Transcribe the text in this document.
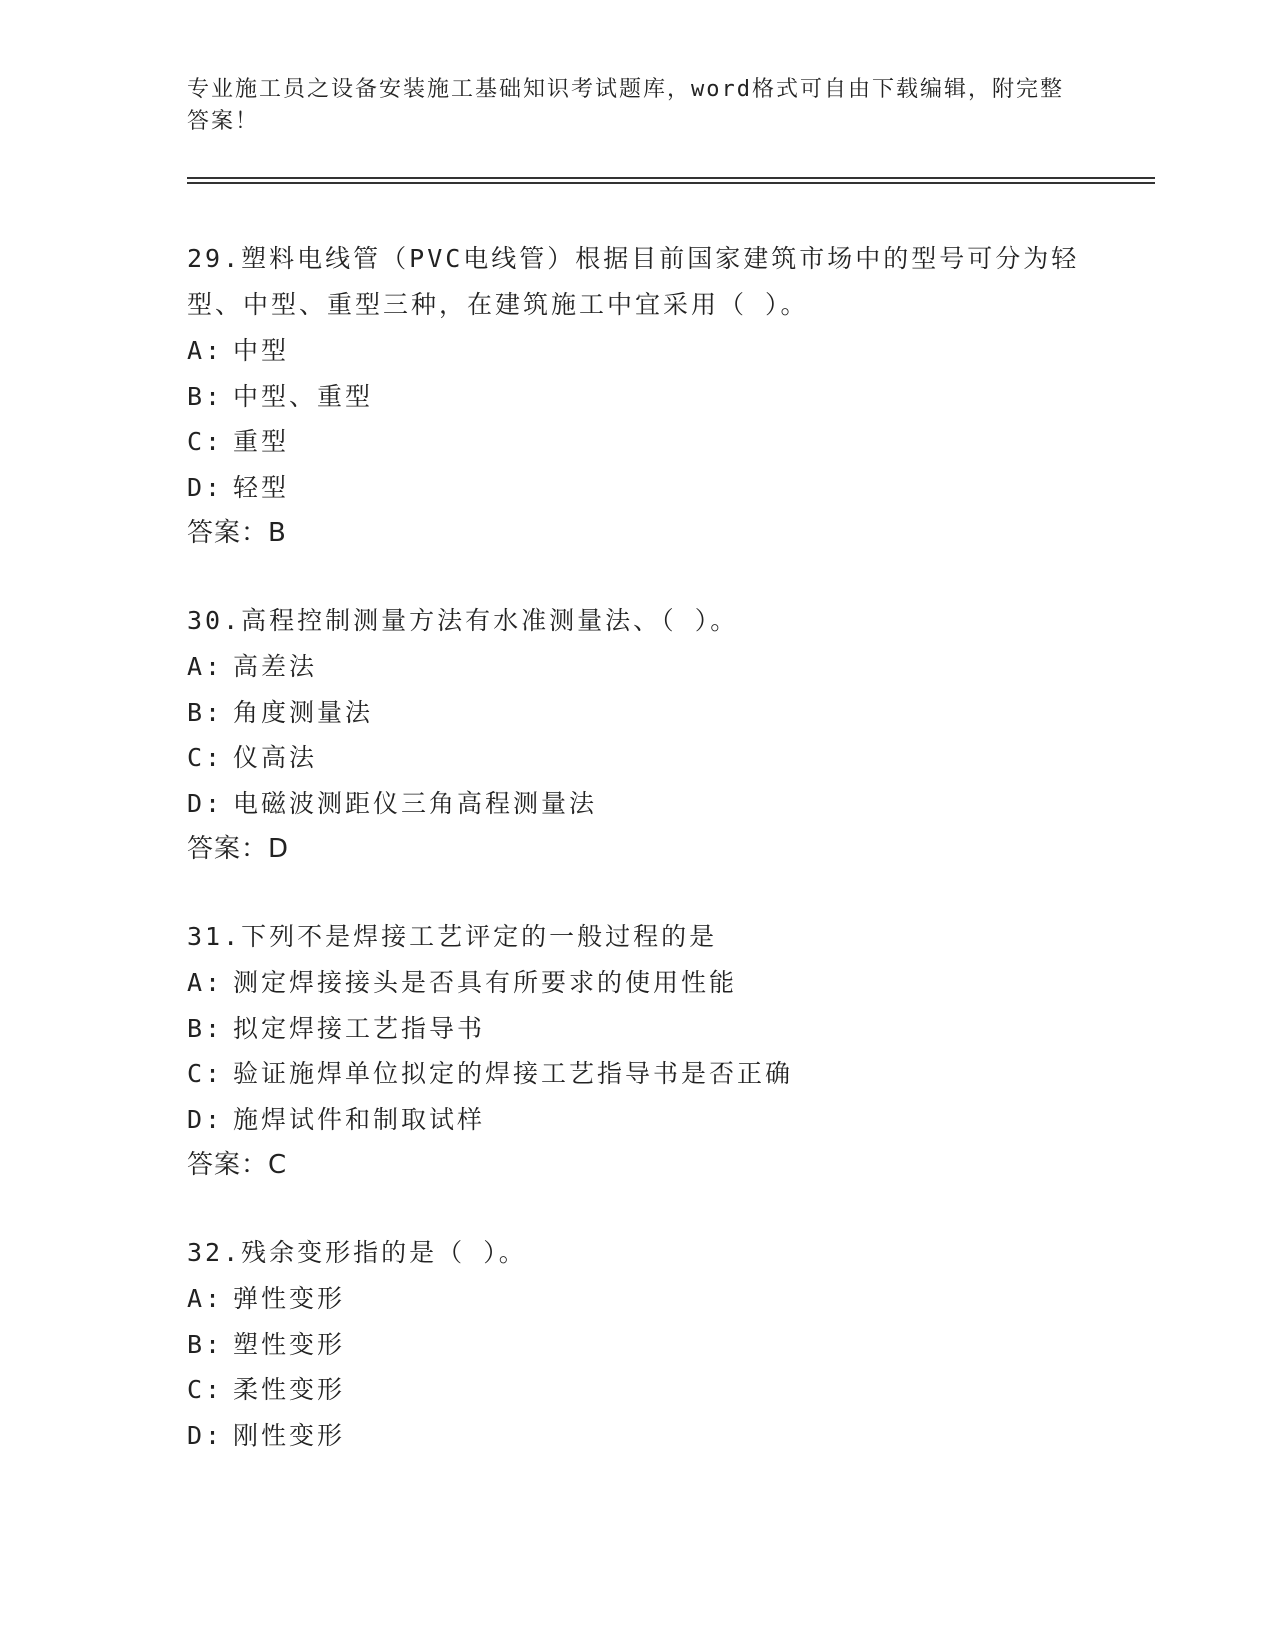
专业施工员之设备安装施工基础知识考试题库，word格式可自由下载编辑，附完整答案！

29.塑料电线管（PVC电线管）根据目前国家建筑市场中的型号可分为轻型、中型、重型三种，在建筑施工中宜采用（ ）。

A: 中型

B: 中型、重型

C: 重型

D: 轻型

答案：B

30.高程控制测量方法有水准测量法、（ ）。

A: 高差法

B: 角度测量法

C: 仪高法

D: 电磁波测距仪三角高程测量法

答案：D

31.下列不是焊接工艺评定的一般过程的是

A: 测定焊接接头是否具有所要求的使用性能

B: 拟定焊接工艺指导书

C: 验证施焊单位拟定的焊接工艺指导书是否正确

D: 施焊试件和制取试样

答案：C

32.残余变形指的是（ ）。

A: 弹性变形

B: 塑性变形

C: 柔性变形

D: 刚性变形
